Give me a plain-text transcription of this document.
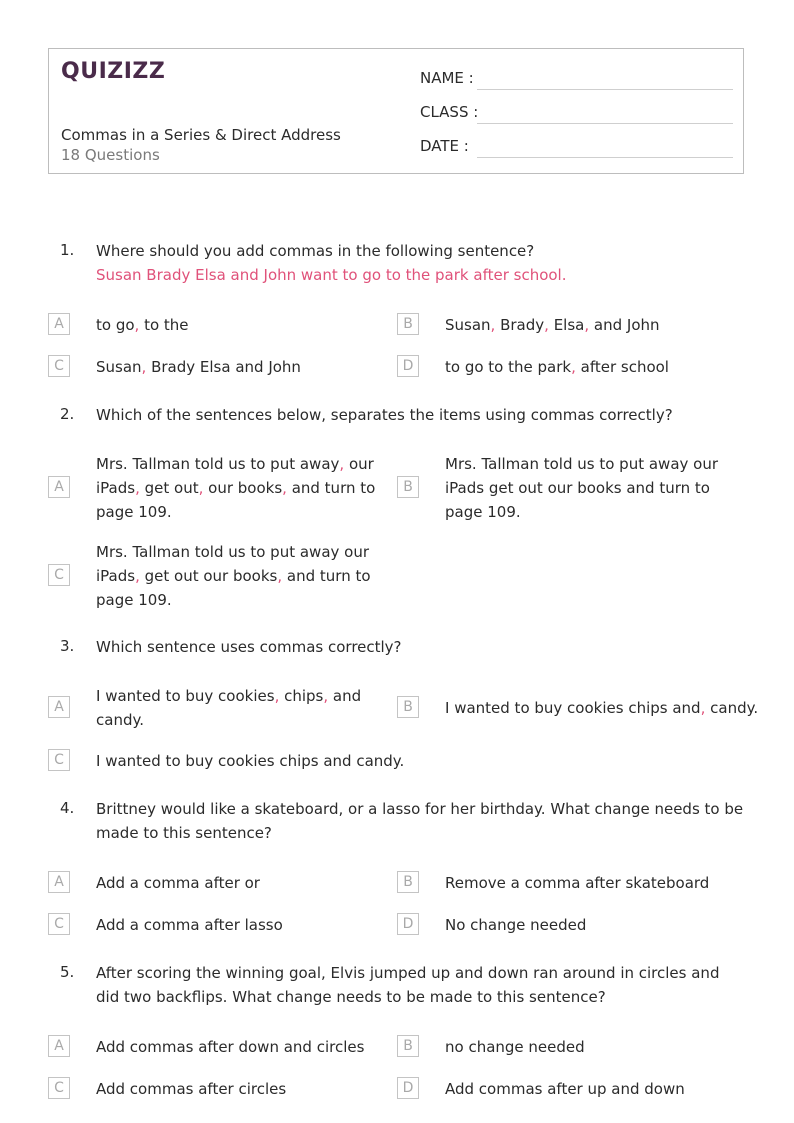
QUIZIZZ
Commas in a Series & Direct Address
18 Questions
NAME :
CLASS :
DATE :
1. Where should you add commas in the following sentence?
Susan Brady Elsa and John want to go to the park after school.
A	to go, to the	B	Susan, Brady, Elsa, and John
C	Susan, Brady Elsa and John	D	to go to the park, after school
2. Which of the sentences below, separates the items using commas correctly?
A
Mrs. Tallman told us to put away, our iPads, get out, our books, and turn to page 109.
B
Mrs. Tallman told us to put away our iPads get out our books and turn to page 109.
C
Mrs. Tallman told us to put away our iPads, get out our books, and turn to page 109.
3. Which sentence uses commas correctly?
A
I wanted to buy cookies, chips, and candy.
B	I wanted to buy cookies chips and, candy.
C	I wanted to buy cookies chips and candy.
4. Brittney would like a skateboard, or a lasso for her birthday. What change needs to be made to this sentence?
A	Add a comma after or	B	Remove a comma after skateboard
C	Add a comma after lasso	D	No change needed
5. After scoring the winning goal, Elvis jumped up and down ran around in circles and did two backflips. What change needs to be made to this sentence?
A	Add commas after down and circles	B	no change needed
C	Add commas after circles	D	Add commas after up and down
